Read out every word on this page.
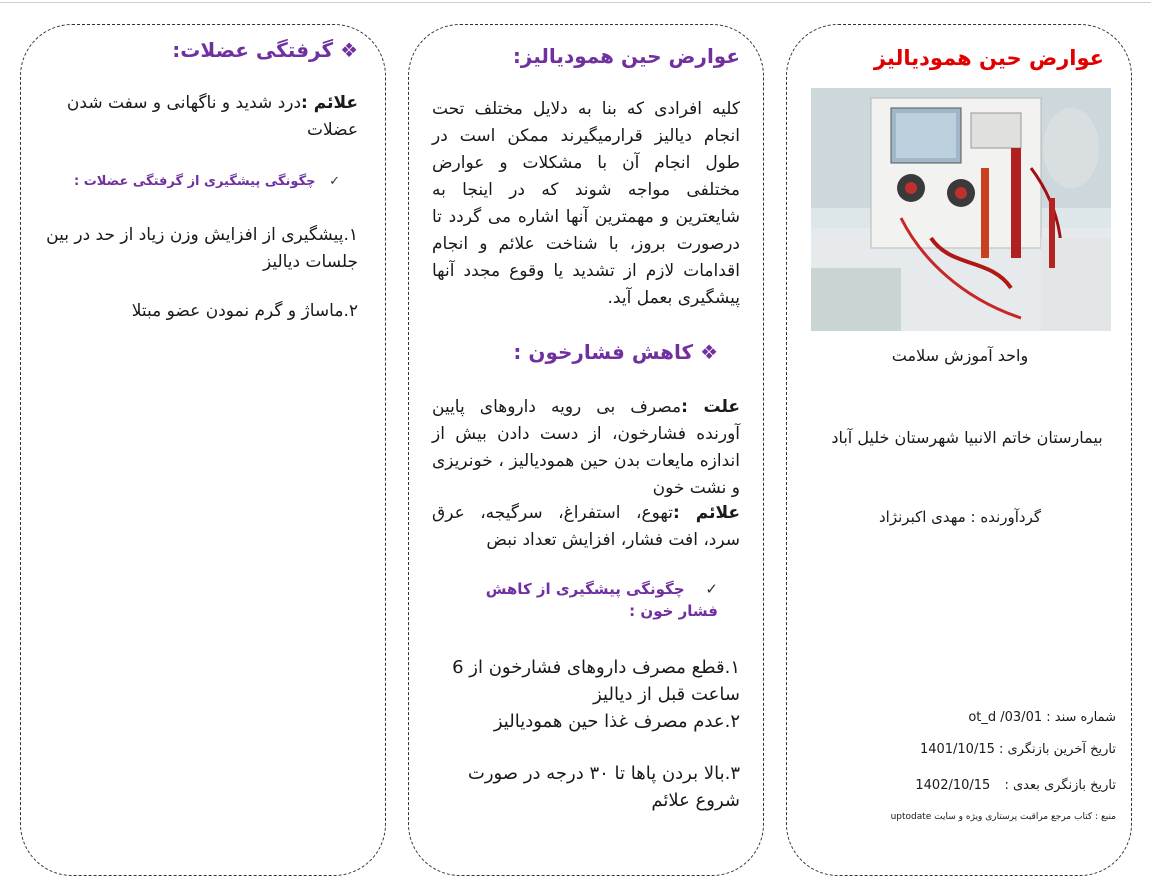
❖ گرفتگی عضلات:
علائم :درد شدید و ناگهانی و سفت شدن عضلات
✓   چگونگی پیشگیری از گرفتگی عضلات :
۱.پیشگیری از افزایش وزن زیاد از حد در بین جلسات دیالیز
۲.ماساژ و گرم نمودن عضو مبتلا
عوارض حین همودیالیز:
کلیه افرادی که بنا به دلایل مختلف تحت انجام دیالیز قرارمیگیرند ممکن است در طول انجام آن با مشکلات و عوارض مختلفی مواجه شوند که در اینجا به شایعترین و مهمترین آنها اشاره می گردد تا درصورت بروز، با شناخت علائم و انجام اقدامات لازم از تشدید یا وقوع مجدد آنها پیشگیری بعمل آید.
❖ کاهش فشارخون :
علت :مصرف بی رویه داروهای پایین آورنده فشارخون، از دست دادن بیش از اندازه مایعات بدن حین همودیالیز ، خونریزی و نشت خون
علائم :تهوع، استفراغ، سرگیجه، عرق سرد، افت فشار، افزایش تعداد نبض
✓    چگونگی پیشگیری از کاهش فشار خون :
۱.قطع مصرف داروهای فشارخون از 6 ساعت قبل از دیالیز
۲.عدم مصرف غذا حین همودیالیز
۳.بالا بردن پاها تا ۳۰ درجه در صورت شروع علائم
عوارض حین همودیالیز
واحد آموزش سلامت
بیمارستان خاتم الانبیا شهرستان خلیل آباد
گردآورنده : مهدی اکبرنژاد
شماره سند : ot_d /03/01
تاریخ آخرین بازنگری : 1401/10/15
تاریخ بازنگری بعدی : 1402/10/15
منبع : کتاب مرجع مراقبت پرستاری ویژه و سایت uptodate
